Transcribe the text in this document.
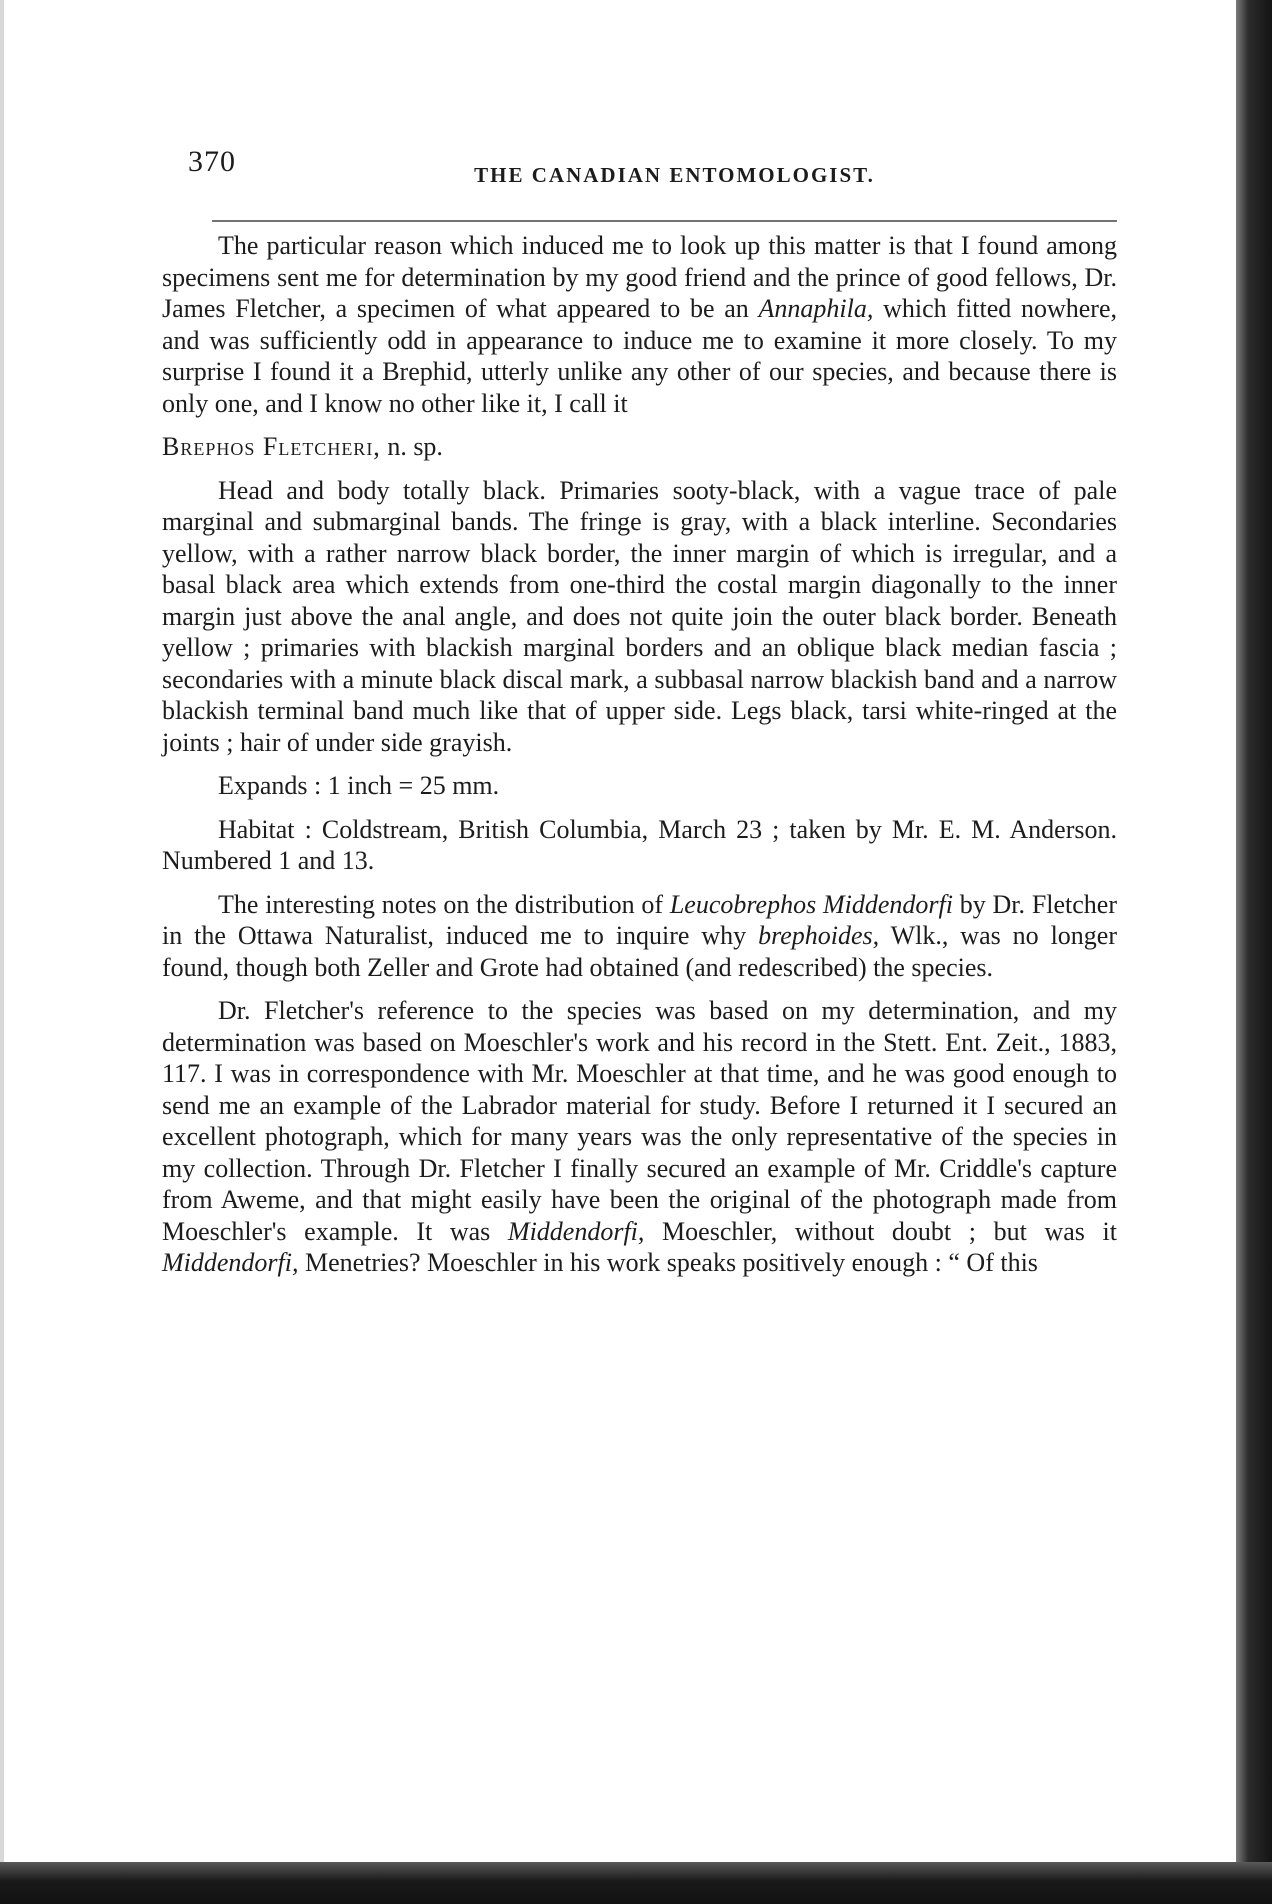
370	THE CANADIAN ENTOMOLOGIST.

The particular reason which induced me to look up this matter is that I found among specimens sent me for determination by my good friend and the prince of good fellows, Dr. James Fletcher, a specimen of what appeared to be an Annaphila, which fitted nowhere, and was sufficiently odd in appearance to induce me to examine it more closely. To my surprise I found it a Brephid, utterly unlike any other of our species, and because there is only one, and I know no other like it, I call it

Brephos Fletcheri, n. sp.

Head and body totally black. Primaries sooty-black, with a vague trace of pale marginal and submarginal bands. The fringe is gray, with a black interline. Secondaries yellow, with a rather narrow black border, the inner margin of which is irregular, and a basal black area which extends from one-third the costal margin diagonally to the inner margin just above the anal angle, and does not quite join the outer black border. Beneath yellow ; primaries with blackish marginal borders and an oblique black median fascia ; secondaries with a minute black discal mark, a subbasal narrow blackish band and a narrow blackish terminal band much like that of upper side. Legs black, tarsi white-ringed at the joints ; hair of under side grayish.

Expands : 1 inch = 25 mm.

Habitat : Coldstream, British Columbia, March 23 ; taken by Mr. E. M. Anderson. Numbered 1 and 13.

The interesting notes on the distribution of Leucobrephos Middendorfi by Dr. Fletcher in the Ottawa Naturalist, induced me to inquire why brephoides, Wlk., was no longer found, though both Zeller and Grote had obtained (and redescribed) the species.

Dr. Fletcher's reference to the species was based on my determination, and my determination was based on Moeschler's work and his record in the Stett. Ent. Zeit., 1883, 117. I was in correspondence with Mr. Moeschler at that time, and he was good enough to send me an example of the Labrador material for study. Before I returned it I secured an excellent photograph, which for many years was the only representative of the species in my collection. Through Dr. Fletcher I finally secured an example of Mr. Criddle's capture from Aweme, and that might easily have been the original of the photograph made from Moeschler's example. It was Middendorfi, Moeschler, without doubt ; but was it Middendorfi, Menetries? Moeschler in his work speaks positively enough : “ Of this
